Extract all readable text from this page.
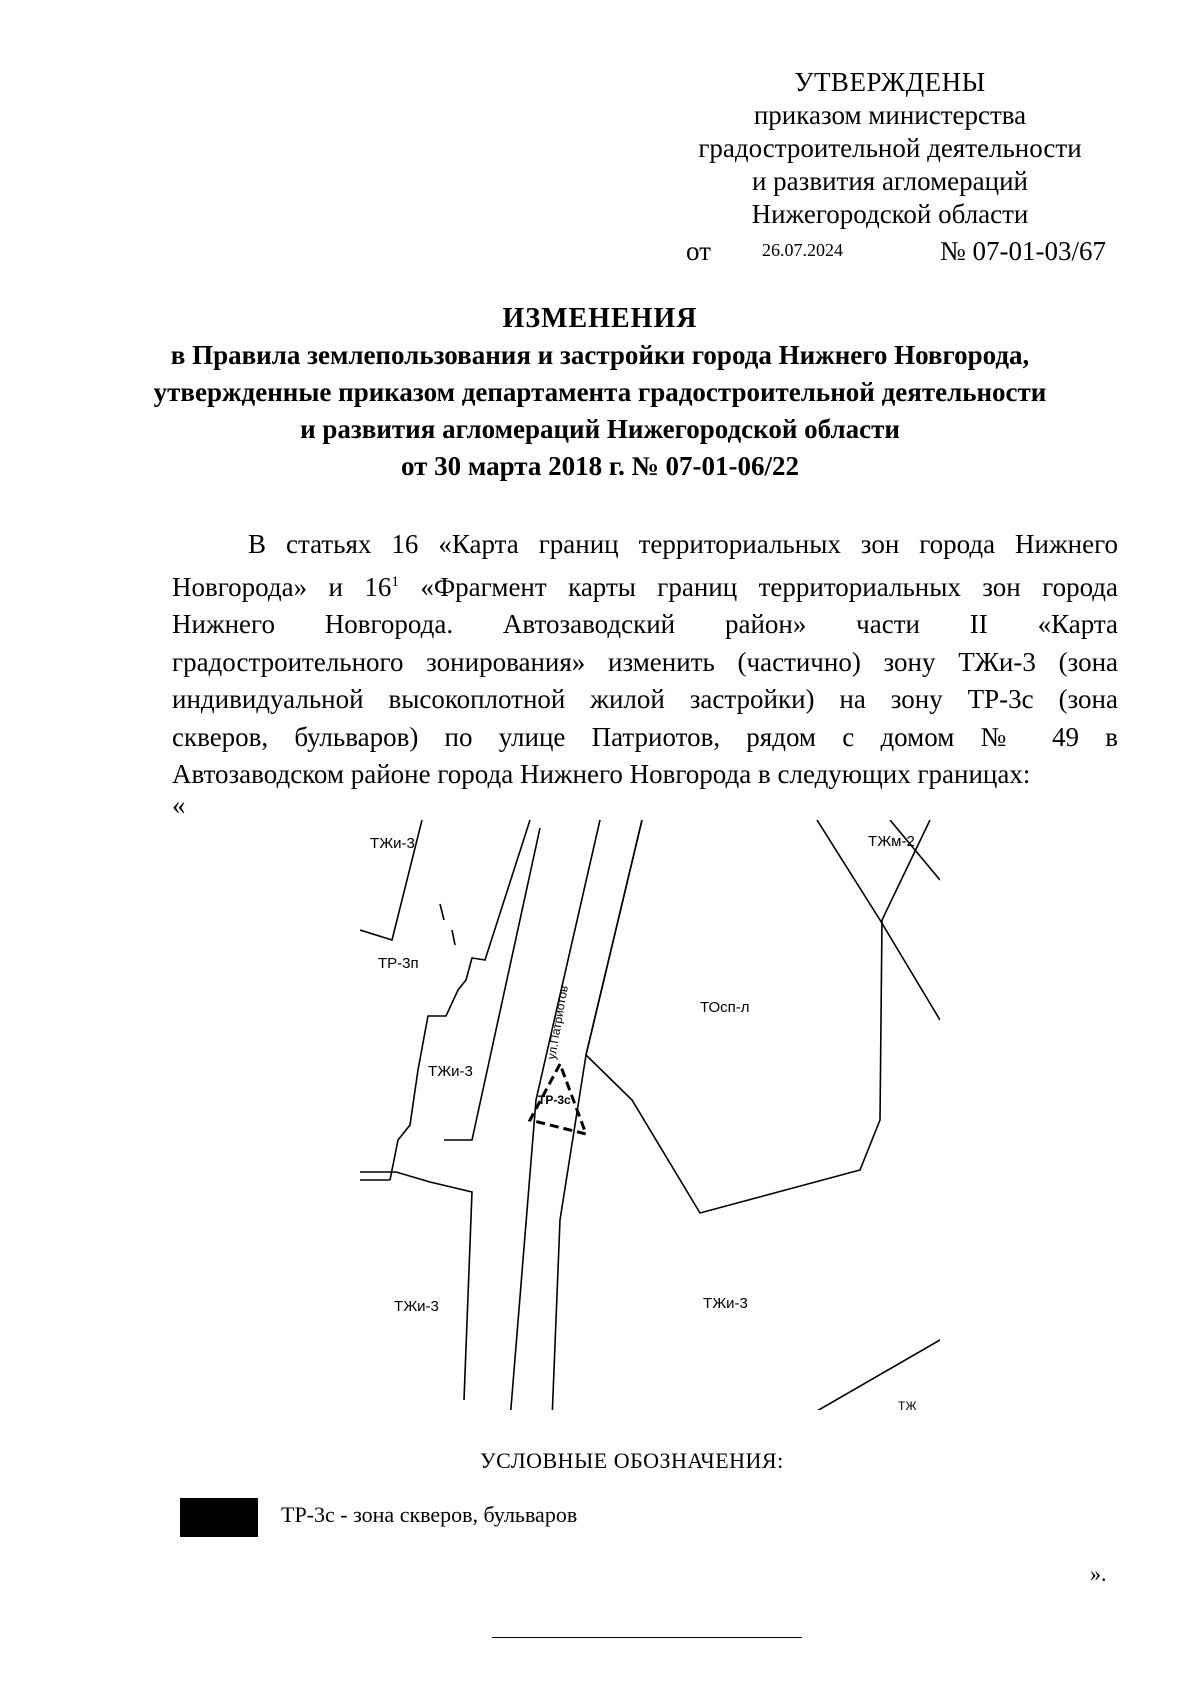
УТВЕРЖДЕНЫ
приказом министерства
градостроительной деятельности
и развития агломераций
Нижегородской области
от	26.07.2024	№ 07-01-03/67
ИЗМЕНЕНИЯ
в Правила землепользования и застройки города Нижнего Новгорода,
утвержденные приказом департамента градостроительной деятельности
и развития агломераций Нижегородской области
от 30 марта 2018 г. № 07-01-06/22
В статьях 16 «Карта границ территориальных зон города Нижнего
Новгорода» и $16^1$ «Фрагмент карты границ территориальных зон города
Нижнего Новгорода. Автозаводский район» части II «Карта
градостроительного зонирования» изменить (частично) зону ТЖи-3 (зона
индивидуальной высокоплотной жилой застройки) на зону ТР-3с (зона
скверов, бульваров) по улице Патриотов, рядом с домом № 49 в
Автозаводском районе города Нижнего Новгорода в следующих границах:
«
ТЖи-3	ТЖм-2
ТР-3п
ТОсп-л
ТЖи-3
ТР-3с
ТЖи-3	ТЖи-3
ТЖ
ул.Патриотов
УСЛОВНЫЕ ОБОЗНАЧЕНИЯ:
ТР-3с - зона скверов, бульваров
».
